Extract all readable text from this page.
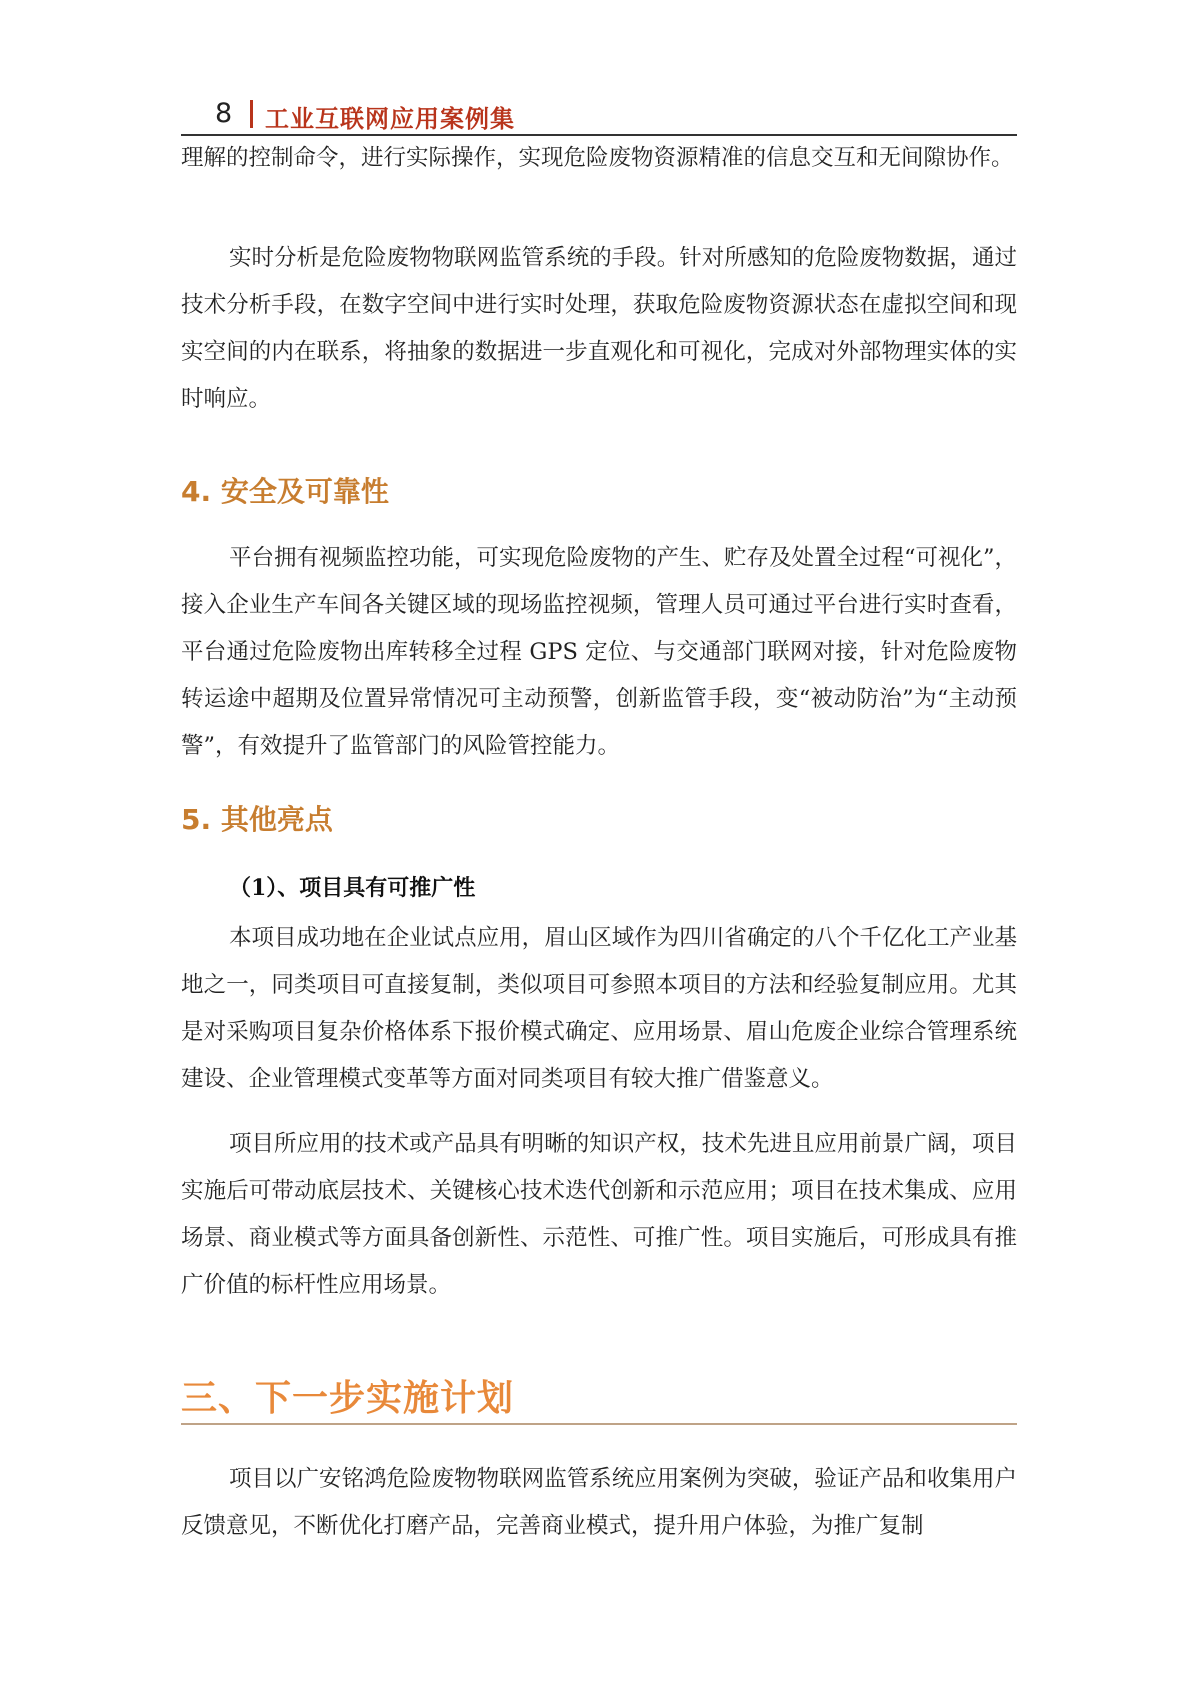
8 工业互联网应用案例集

理解的控制命令，进行实际操作，实现危险废物资源精准的信息交互和无间隙协作。

实时分析是危险废物物联网监管系统的手段。针对所感知的危险废物数据，通过技术分析手段，在数字空间中进行实时处理，获取危险废物资源状态在虚拟空间和现实空间的内在联系，将抽象的数据进一步直观化和可视化，完成对外部物理实体的实时响应。

4. 安全及可靠性

平台拥有视频监控功能，可实现危险废物的产生、贮存及处置全过程“可视化”，接入企业生产车间各关键区域的现场监控视频，管理人员可通过平台进行实时查看，平台通过危险废物出库转移全过程 GPS 定位、与交通部门联网对接，针对危险废物转运途中超期及位置异常情况可主动预警，创新监管手段，变“被动防治”为“主动预警”，有效提升了监管部门的风险管控能力。

5. 其他亮点
（1）、项目具有可推广性

本项目成功地在企业试点应用，眉山区域作为四川省确定的八个千亿化工产业基地之一，同类项目可直接复制，类似项目可参照本项目的方法和经验复制应用。尤其是对采购项目复杂价格体系下报价模式确定、应用场景、眉山危废企业综合管理系统建设、企业管理模式变革等方面对同类项目有较大推广借鉴意义。

项目所应用的技术或产品具有明晰的知识产权，技术先进且应用前景广阔，项目实施后可带动底层技术、关键核心技术迭代创新和示范应用；项目在技术集成、应用场景、商业模式等方面具备创新性、示范性、可推广性。项目实施后，可形成具有推广价值的标杆性应用场景。

三、下一步实施计划

项目以广安铭鸿危险废物物联网监管系统应用案例为突破，验证产品和收集用户反馈意见，不断优化打磨产品，完善商业模式，提升用户体验，为推广复制
